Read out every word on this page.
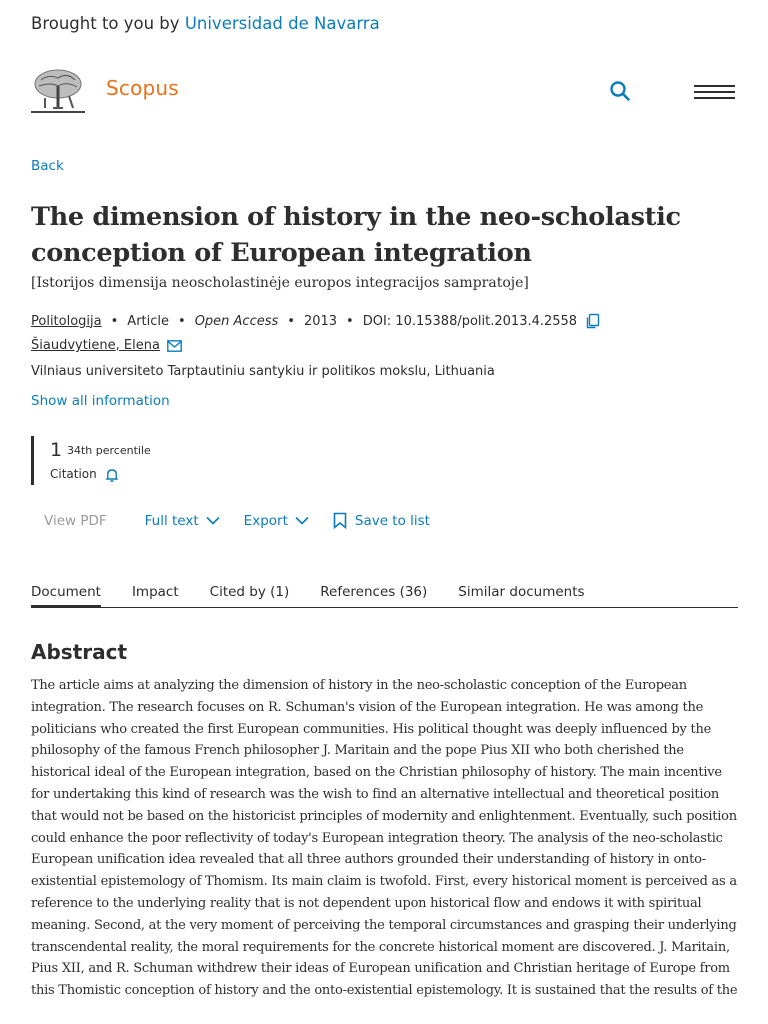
Brought to you by Universidad de Navarra
Scopus
Back
The dimension of history in the neo-scholastic conception of European integration
[Istorijos dimensija neoscholastinėje europos integracijos sampratoje]
Politologija • Article • Open Access • 2013 • DOI: 10.15388/polit.2013.4.2558
Šiaudvytiene, Elena
Vilniaus universiteto Tarptautiniu santykiu ir politikos mokslu, Lithuania
Show all information
1 34th percentile
Citation
View PDF	Full text	Export	Save to list
Document Impact Cited by (1) References (36) Similar documents
Abstract

The article aims at analyzing the dimension of history in the neo-scholastic conception of the European integration. The research focuses on R. Schuman's vision of the European integration. He was among the politicians who created the first European communities. His political thought was deeply influenced by the philosophy of the famous French philosopher J. Maritain and the pope Pius XII who both cherished the historical ideal of the European integration, based on the Christian philosophy of history. The main incentive for undertaking this kind of research was the wish to find an alternative intellectual and theoretical position that would not be based on the historicist principles of modernity and enlightenment. Eventually, such position could enhance the poor reflectivity of today's European integration theory. The analysis of the neo-scholastic European unification idea revealed that all three authors grounded their understanding of history in onto-existential epistemology of Thomism. Its main claim is twofold. First, every historical moment is perceived as a reference to the underlying reality that is not dependent upon historical flow and endows it with spiritual meaning. Second, at the very moment of perceiving the temporal circumstances and grasping their underlying transcendental reality, the moral requirements for the concrete historical moment are discovered. J. Maritain, Pius XII, and R. Schuman withdrew their ideas of European unification and Christian heritage of Europe from this Thomistic conception of history and the onto-existential epistemology. It is sustained that the results of the
